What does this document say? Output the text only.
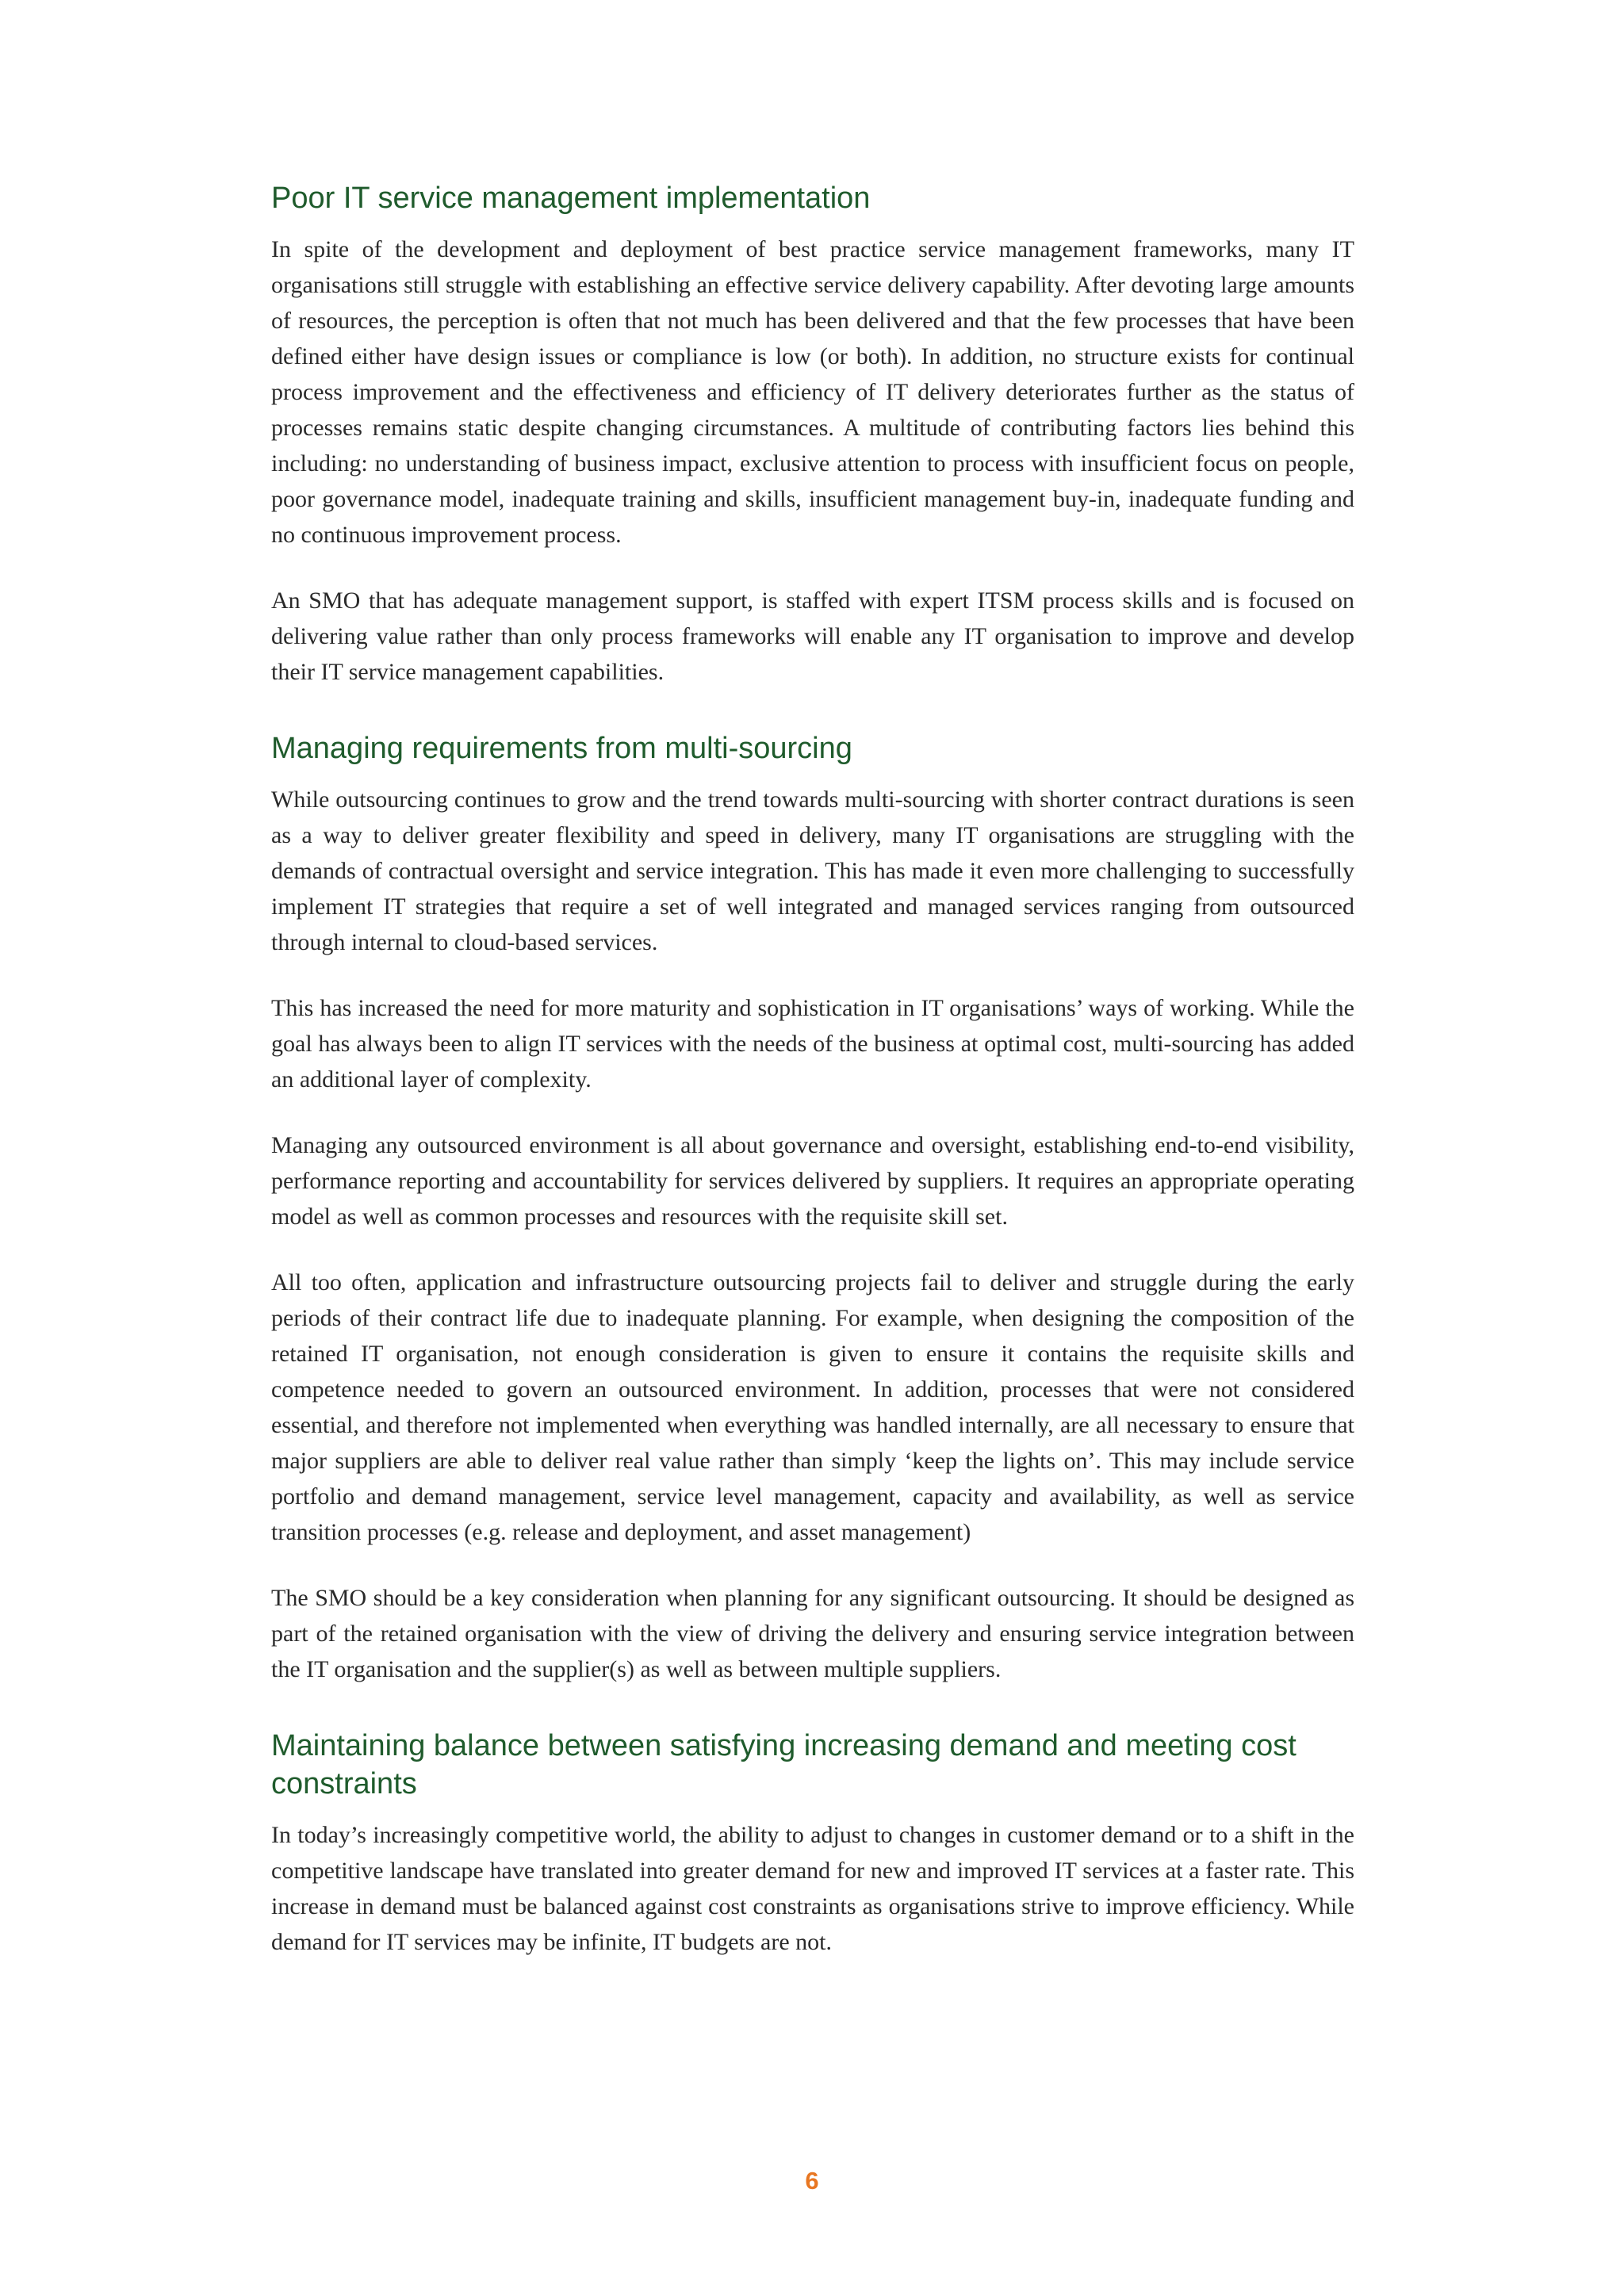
Poor IT service management implementation

In spite of the development and deployment of best practice service management frameworks, many IT organisations still struggle with establishing an effective service delivery capability. After devoting large amounts of resources, the perception is often that not much has been delivered and that the few processes that have been defined either have design issues or compliance is low (or both). In addition, no structure exists for continual process improvement and the effectiveness and efficiency of IT delivery deteriorates further as the status of processes remains static despite changing circumstances. A multitude of contributing factors lies behind this including: no understanding of business impact, exclusive attention to process with insufficient focus on people, poor governance model, inadequate training and skills, insufficient management buy-in, inadequate funding and no continuous improvement process.

An SMO that has adequate management support, is staffed with expert ITSM process skills and is focused on delivering value rather than only process frameworks will enable any IT organisation to improve and develop their IT service management capabilities.

Managing requirements from multi-sourcing

While outsourcing continues to grow and the trend towards multi-sourcing with shorter contract durations is seen as a way to deliver greater flexibility and speed in delivery, many IT organisations are struggling with the demands of contractual oversight and service integration. This has made it even more challenging to successfully implement IT strategies that require a set of well integrated and managed services ranging from outsourced through internal to cloud-based services.

This has increased the need for more maturity and sophistication in IT organisations’ ways of working. While the goal has always been to align IT services with the needs of the business at optimal cost, multi-sourcing has added an additional layer of complexity.

Managing any outsourced environment is all about governance and oversight, establishing end-to-end visibility, performance reporting and accountability for services delivered by suppliers. It requires an appropriate operating model as well as common processes and resources with the requisite skill set.

All too often, application and infrastructure outsourcing projects fail to deliver and struggle during the early periods of their contract life due to inadequate planning. For example, when designing the composition of the retained IT organisation, not enough consideration is given to ensure it contains the requisite skills and competence needed to govern an outsourced environment. In addition, processes that were not considered essential, and therefore not implemented when everything was handled internally, are all necessary to ensure that major suppliers are able to deliver real value rather than simply ‘keep the lights on’. This may include service portfolio and demand management, service level management, capacity and availability, as well as service transition processes (e.g. release and deployment, and asset management)

The SMO should be a key consideration when planning for any significant outsourcing. It should be designed as part of the retained organisation with the view of driving the delivery and ensuring service integration between the IT organisation and the supplier(s) as well as between multiple suppliers.

Maintaining balance between satisfying increasing demand and meeting cost constraints

In today’s increasingly competitive world, the ability to adjust to changes in customer demand or to a shift in the competitive landscape have translated into greater demand for new and improved IT services at a faster rate. This increase in demand must be balanced against cost constraints as organisations strive to improve efficiency. While demand for IT services may be infinite, IT budgets are not.

6
